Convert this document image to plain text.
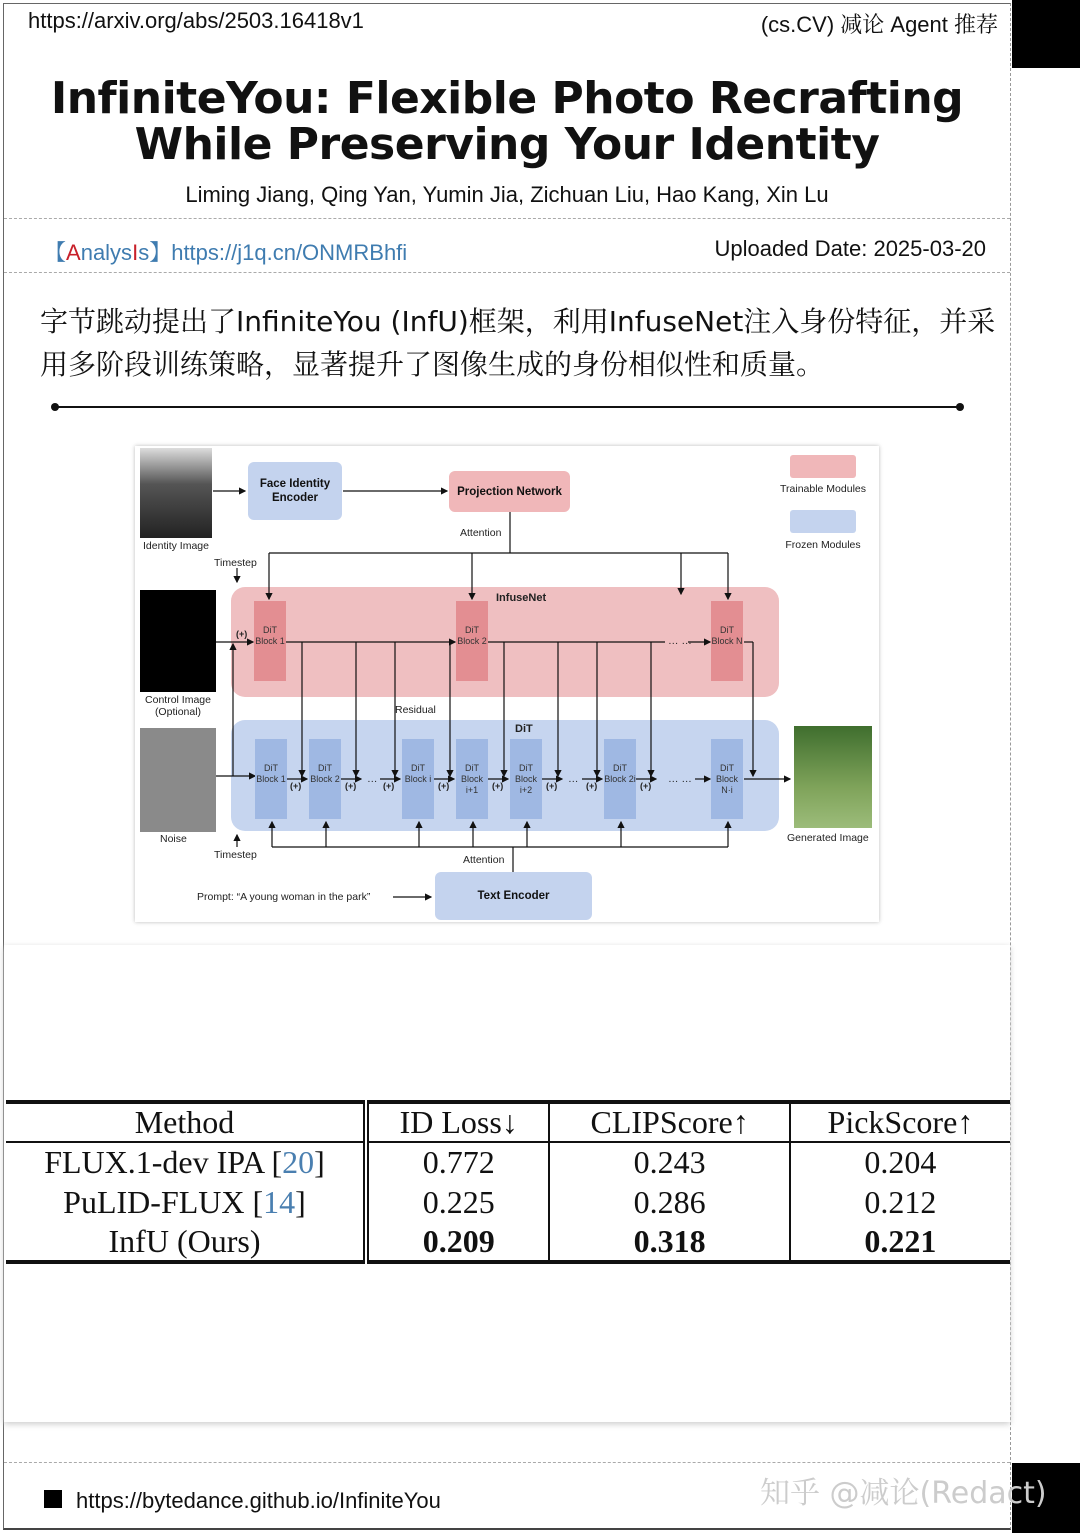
https://arxiv.org/abs/2503.16418v1	(cs.CV) 减论 Agent 推荐
InfiniteYou: Flexible Photo Recrafting
While Preserving Your Identity
Liming Jiang, Qing Yan, Yumin Jia, Zichuan Liu, Hao Kang, Xin Lu
【AnalysIs】https://j1q.cn/ONMRBhfi	Uploaded Date: 2025-03-20
字节跳动提出了InfiniteYou (InfU)框架，利用InfuseNet注入身份特征，并采用多阶段训练策略，显著提升了图像生成的身份相似性和质量。
Identity Image
Face Identity Encoder
Projection Network	Trainable Modules
Frozen Modules
Attention
Timestep
Control Image (Optional)
InfuseNet
(+)	DiT Block 1
DiT Block 2
DiT Block N
… …
Residual
Noise
DiT
DiT Block 1
DiT Block 2
DiT Block i
DiT Block i+1
DiT Block i+2
DiT Block 2i
DiT Block N·i
(+)	(+)
…
(+)	(+)	(+)	(+)
…
(+)	(+)
… …
Generated Image
Timestep	Attention
Prompt: “A young woman in the park”	Text Encoder
Method	ID Loss↓	CLIPScore↑	PickScore↑
FLUX.1-dev IPA [20]	0.772	0.243	0.204
PuLID-FLUX [14]	0.225	0.286	0.212
InfU (Ours)	0.209	0.318	0.221
https://bytedance.github.io/InfiniteYou	知乎 @减论(Redact)
